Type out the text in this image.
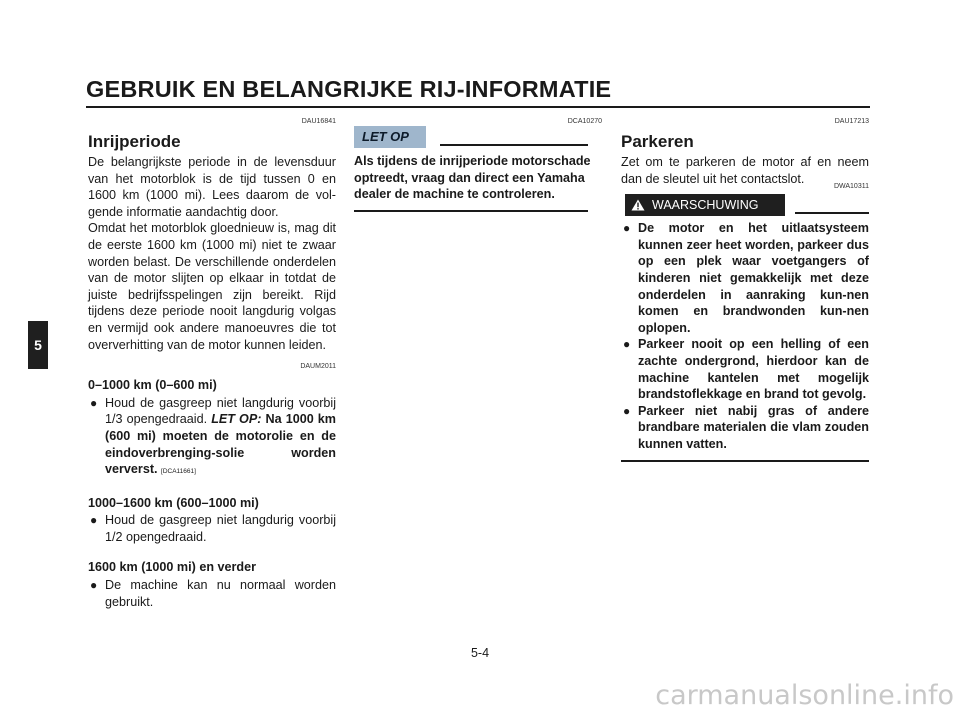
GEBRUIK EN BELANGRIJKE RIJ-INFORMATIE
5
DAU16841
Inrijperiode

De belangrijkste periode in de levensduur van het motorblok is de tijd tussen 0 en 1600 km (1000 mi). Lees daarom de vol-gende informatie aandachtig door.

Omdat het motorblok gloednieuw is, mag dit de eerste 1600 km (1000 mi) niet te zwaar worden belast. De verschillende onderdelen van de motor slijten op elkaar in totdat de juiste bedrijfsspelingen zijn bereikt. Rijd tijdens deze periode nooit langdurig volgas en vermijd ook andere manoeuvres die tot oververhitting van de motor kunnen leiden.

DAUM2011

0–1000 km (0–600 mi)

● Houd de gasgreep niet langdurig voorbij 1/3 opengedraaid. LET OP: Na 1000 km (600 mi) moeten de motorolie en de eindoverbrenging-solie worden ververst. [DCA11661]

1000–1600 km (600–1000 mi)

● Houd de gasgreep niet langdurig voorbij 1/2 opengedraaid.

1600 km (1000 mi) en verder

● De machine kan nu normaal worden gebruikt.

DCA10270
LET OP

Als tijdens de inrijperiode motorschade optreedt, vraag dan direct een Yamaha dealer de machine te controleren.

DAU17213
Parkeren

Zet om te parkeren de motor af en neem dan de sleutel uit het contactslot.

DWA10311
WAARSCHUWING

● De motor en het uitlaatsysteem kunnen zeer heet worden, parkeer dus op een plek waar voetgangers of kinderen niet gemakkelijk met deze onderdelen in aanraking kun-nen komen en brandwonden kun-nen oplopen.

● Parkeer nooit op een helling of een zachte ondergrond, hierdoor kan de machine kantelen met mogelijk brandstoflekkage en brand tot gevolg.

● Parkeer niet nabij gras of andere brandbare materialen die vlam zouden kunnen vatten.

5-4
carmanualsonline.info
